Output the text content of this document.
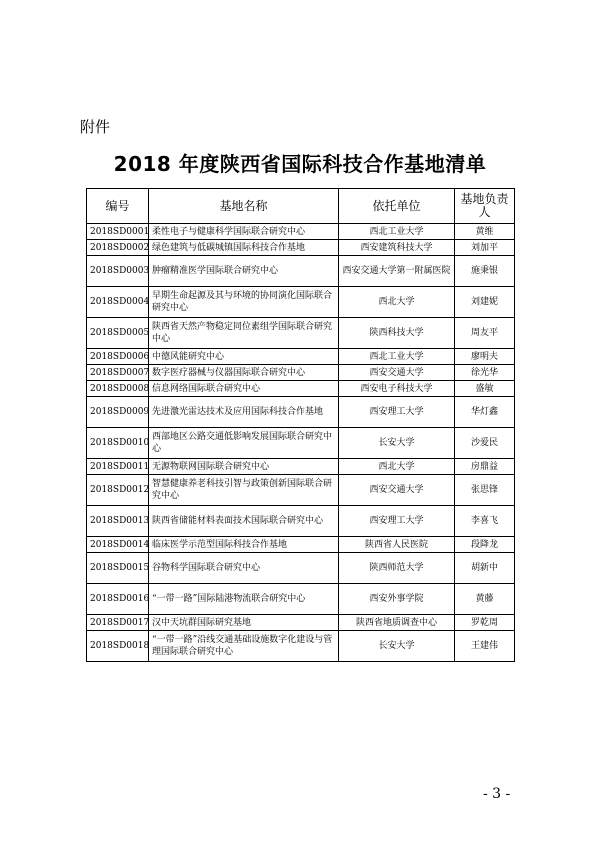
附件
2018 年度陕西省国际科技合作基地清单
编号	基地名称	依托单位	基地负责人
2018SD0001	柔性电子与健康科学国际联合研究中心	西北工业大学	黄维
2018SD0002	绿色建筑与低碳城镇国际科技合作基地	西安建筑科技大学	刘加平
2018SD0003	肿瘤精准医学国际联合研究中心	西安交通大学第一附属医院	施秉银
2018SD0004	早期生命起源及其与环境的协同演化国际联合研究中心	西北大学	刘建妮
2018SD0005	陕西省天然产物稳定同位素组学国际联合研究中心	陕西科技大学	周友平
2018SD0006	中德风能研究中心	西北工业大学	廖明夫
2018SD0007	数字医疗器械与仪器国际联合研究中心	西安交通大学	徐光华
2018SD0008	信息网络国际联合研究中心	西安电子科技大学	盛敏
2018SD0009	先进激光雷达技术及应用国际科技合作基地	西安理工大学	华灯鑫
2018SD0010	西部地区公路交通低影响发展国际联合研究中心	长安大学	沙爱民
2018SD0011	无源物联网国际联合研究中心	西北大学	房鼎益
2018SD0012	智慧健康养老科技引智与政策创新国际联合研究中心	西安交通大学	张思锋
2018SD0013	陕西省储能材料表面技术国际联合研究中心	西安理工大学	李喜飞
2018SD0014	临床医学示范型国际科技合作基地	陕西省人民医院	段降龙
2018SD0015	谷物科学国际联合研究中心	陕西师范大学	胡新中
2018SD0016	“一带一路”国际陆港物流联合研究中心	西安外事学院	黄藤
2018SD0017	汉中天坑群国际研究基地	陕西省地质调查中心	罗乾周
2018SD0018	“一带一路”沿线交通基础设施数字化建设与管理国际联合研究中心	长安大学	王建伟
- 3 -
